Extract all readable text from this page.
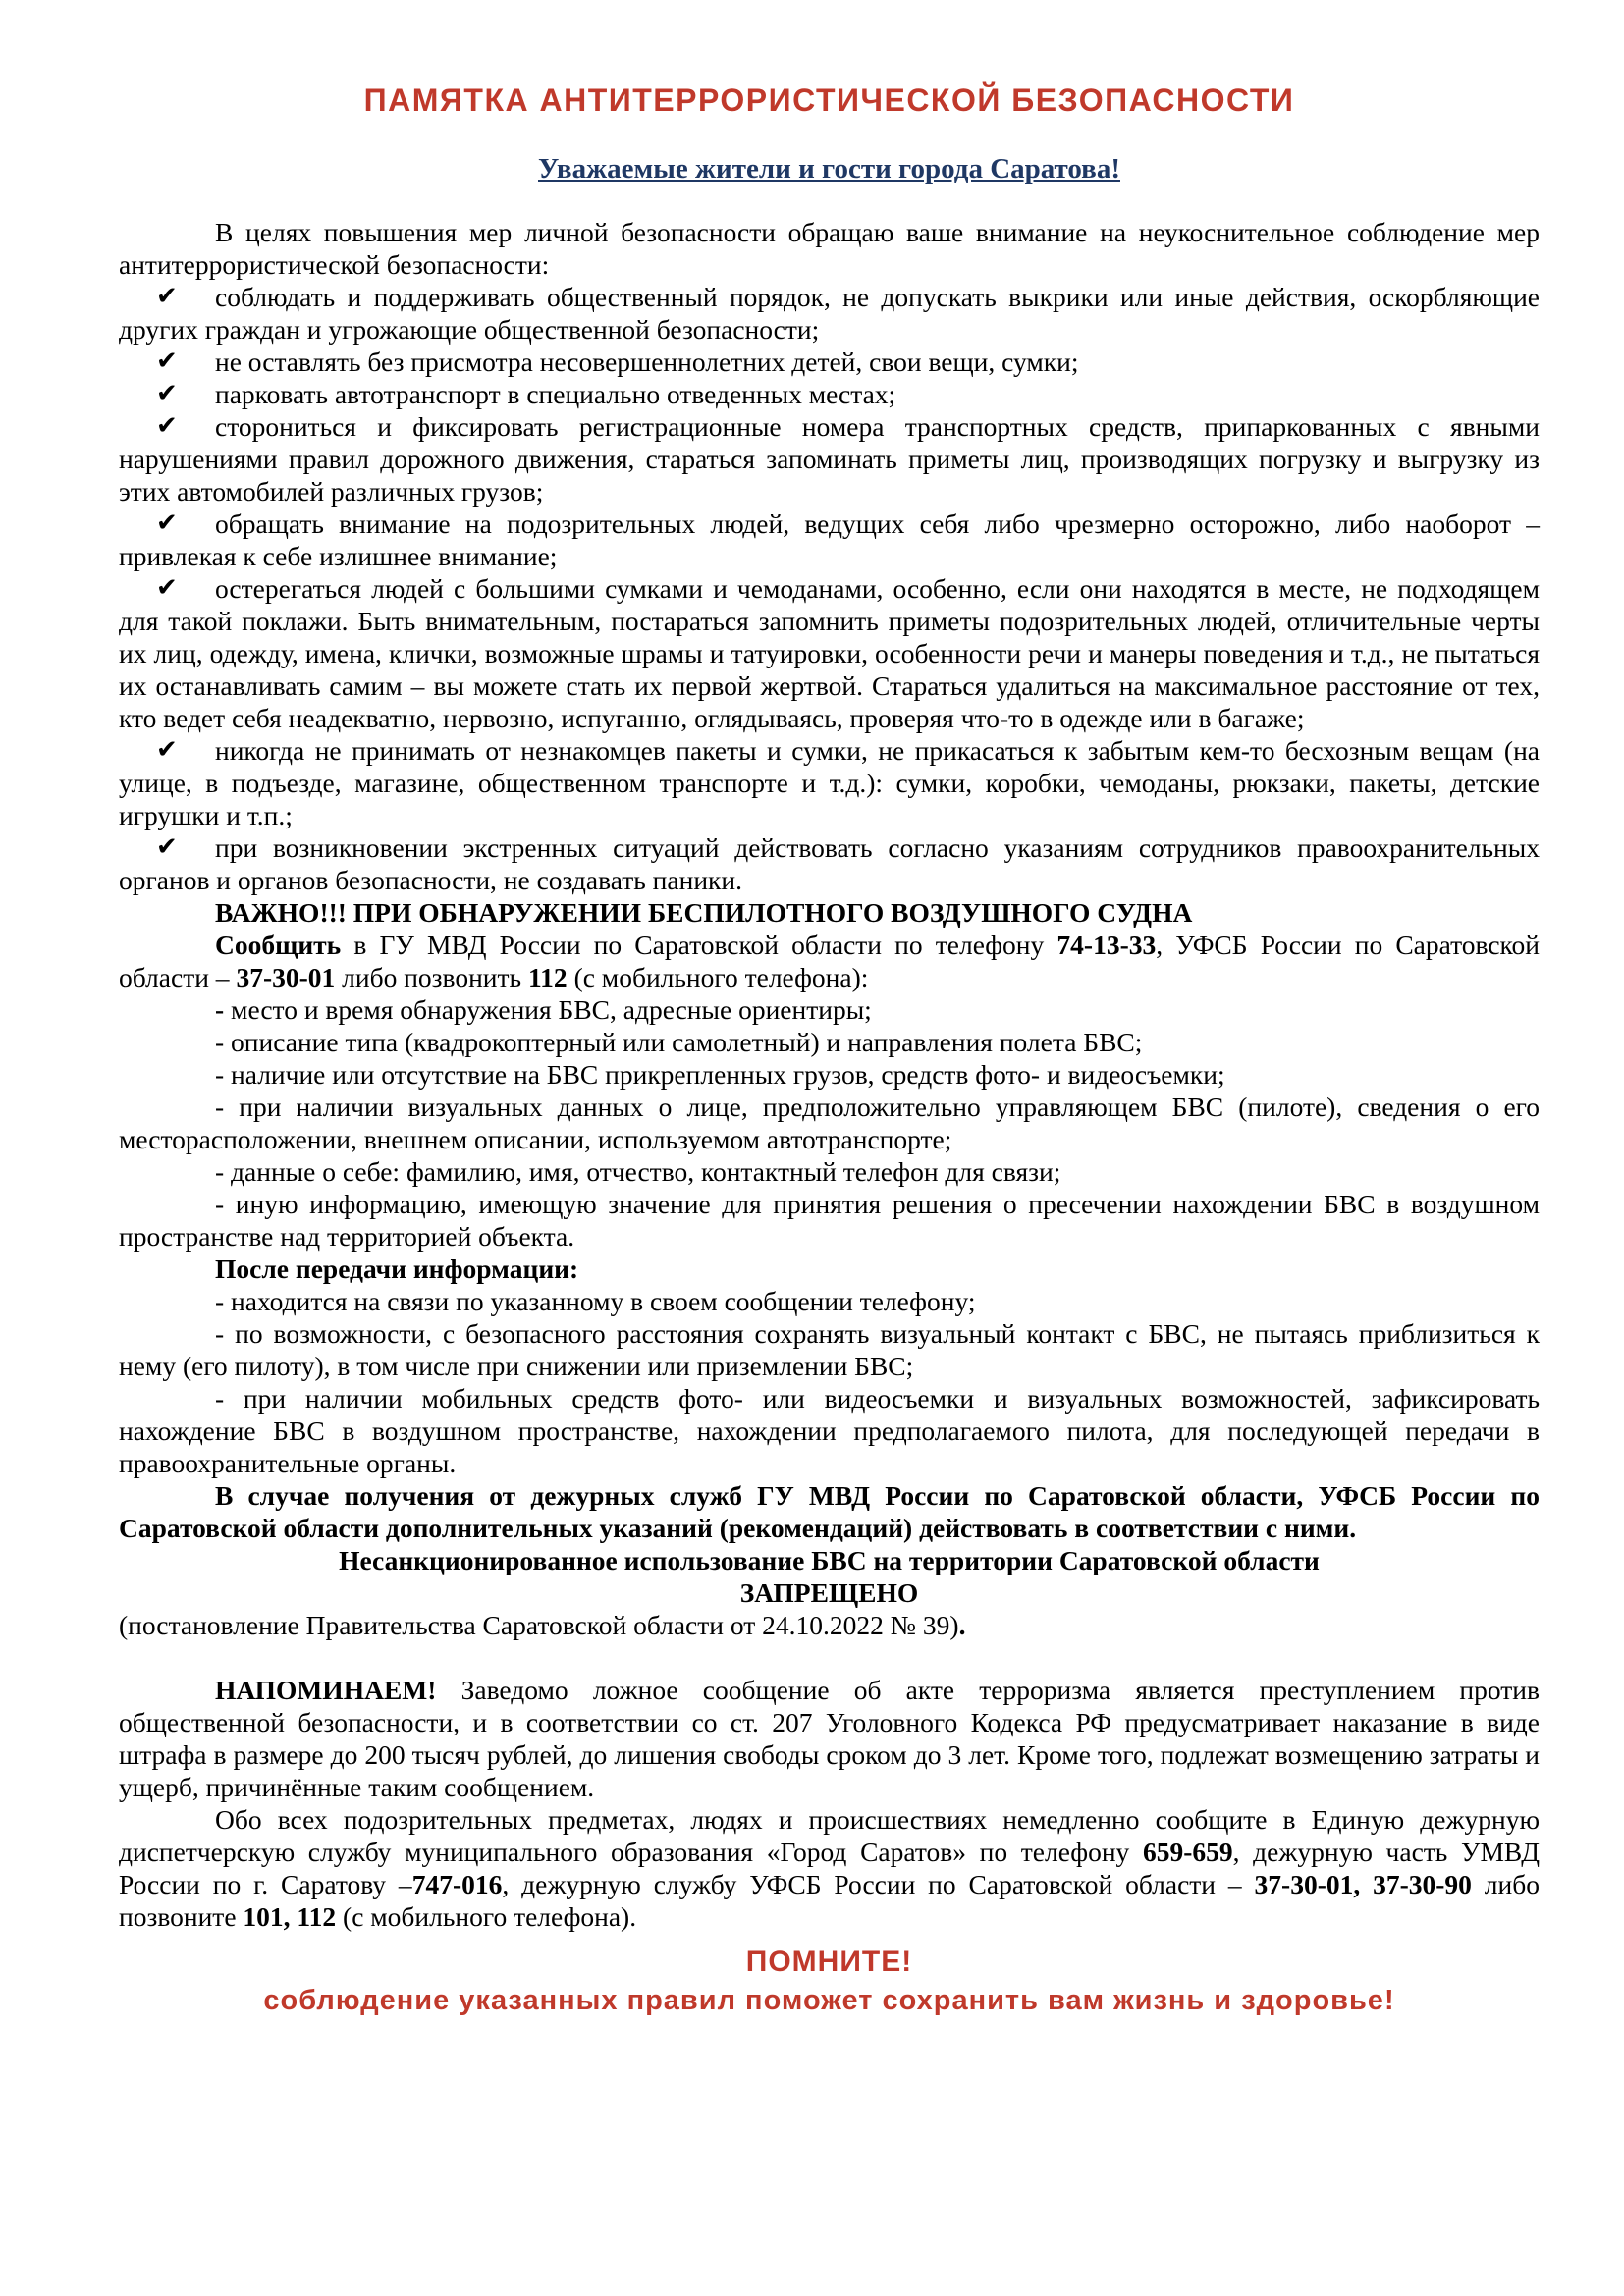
ПАМЯТКА АНТИТЕРРОРИСТИЧЕСКОЙ БЕЗОПАСНОСТИ
Уважаемые жители и гости города Саратова!

В целях повышения мер личной безопасности обращаю ваше внимание на неукоснительное соблюдение мер антитеррористической безопасности:

✔ соблюдать и поддерживать общественный порядок, не допускать выкрики или иные действия, оскорбляющие других граждан и угрожающие общественной безопасности;

✔ не оставлять без присмотра несовершеннолетних детей, свои вещи, сумки;

✔ парковать автотранспорт в специально отведенных местах;

✔ сторониться и фиксировать регистрационные номера транспортных средств, припаркованных с явными нарушениями правил дорожного движения, стараться запоминать приметы лиц, производящих погрузку и выгрузку из этих автомобилей различных грузов;

✔ обращать внимание на подозрительных людей, ведущих себя либо чрезмерно осторожно, либо наоборот – привлекая к себе излишнее внимание;

✔ остерегаться людей с большими сумками и чемоданами, особенно, если они находятся в месте, не подходящем для такой поклажи. Быть внимательным, постараться запомнить приметы подозрительных людей, отличительные черты их лиц, одежду, имена, клички, возможные шрамы и татуировки, особенности речи и манеры поведения и т.д., не пытаться их останавливать самим – вы можете стать их первой жертвой. Стараться удалиться на максимальное расстояние от тех, кто ведет себя неадекватно, нервозно, испуганно, оглядываясь, проверяя что-то в одежде или в багаже;

✔ никогда не принимать от незнакомцев пакеты и сумки, не прикасаться к забытым кем-то бесхозным вещам (на улице, в подъезде, магазине, общественном транспорте и т.д.): сумки, коробки, чемоданы, рюкзаки, пакеты, детские игрушки и т.п.;

✔ при возникновении экстренных ситуаций действовать согласно указаниям сотрудников правоохранительных органов и органов безопасности, не создавать паники.

ВАЖНО!!! ПРИ ОБНАРУЖЕНИИ БЕСПИЛОТНОГО ВОЗДУШНОГО СУДНА

Сообщить в ГУ МВД России по Саратовской области по телефону 74-13-33, УФСБ России по Саратовской области – 37-30-01 либо позвонить 112 (с мобильного телефона):

- место и время обнаружения БВС, адресные ориентиры;

- описание типа (квадрокоптерный или самолетный) и направления полета БВС;

- наличие или отсутствие на БВС прикрепленных грузов, средств фото- и видеосъемки;

- при наличии визуальных данных о лице, предположительно управляющем БВС (пилоте), сведения о его месторасположении, внешнем описании, используемом автотранспорте;

- данные о себе: фамилию, имя, отчество, контактный телефон для связи;

- иную информацию, имеющую значение для принятия решения о пресечении нахождении БВС в воздушном пространстве над территорией объекта.

После передачи информации:

- находится на связи по указанному в своем сообщении телефону;

- по возможности, с безопасного расстояния сохранять визуальный контакт с БВС, не пытаясь приблизиться к нему (его пилоту), в том числе при снижении или приземлении БВС;

- при наличии мобильных средств фото- или видеосъемки и визуальных возможностей, зафиксировать нахождение БВС в воздушном пространстве, нахождении предполагаемого пилота, для последующей передачи в правоохранительные органы.

В случае получения от дежурных служб ГУ МВД России по Саратовской области, УФСБ России по Саратовской области дополнительных указаний (рекомендаций) действовать в соответствии с ними.

Несанкционированное использование БВС на территории Саратовской области

ЗАПРЕЩЕНО

(постановление Правительства Саратовской области от 24.10.2022 № 39).

НАПОМИНАЕМ! Заведомо ложное сообщение об акте терроризма является преступлением против общественной безопасности, и в соответствии со ст. 207 Уголовного Кодекса РФ предусматривает наказание в виде штрафа в размере до 200 тысяч рублей, до лишения свободы сроком до 3 лет. Кроме того, подлежат возмещению затраты и ущерб, причинённые таким сообщением.

Обо всех подозрительных предметах, людях и происшествиях немедленно сообщите в Единую дежурную диспетчерскую службу муниципального образования «Город Саратов» по телефону 659-659, дежурную часть УМВД России по г. Саратову –747-016, дежурную службу УФСБ России по Саратовской области – 37-30-01, 37-30-90 либо позвоните 101, 112 (с мобильного телефона).

ПОМНИТЕ!

соблюдение указанных правил поможет сохранить вам жизнь и здоровье!
